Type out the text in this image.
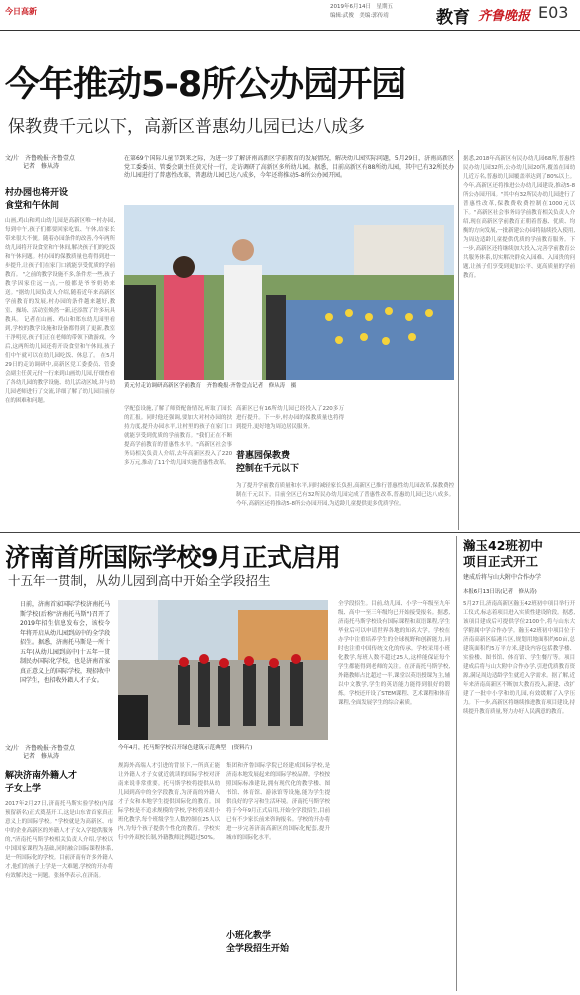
今日高新	2019年6月14日　星期五
编辑:武俊　美编:郭传靖	教育 齐鲁晚报 E03
今年推动5-8所公办园开园
保教费千元以下，高新区普惠幼儿园已达八成多
文/片　齐鲁晚报·齐鲁壹点
　　　记者　修从涛
在第69个国际儿童节到来之际，为进一步了解济南高新区学前教育的发展情况，解决幼儿园实际问题，5月29日，济南高新区党工委委员、管委会副主任黄元付一行，走访调研了高新区多所幼儿园。据悉，目前高新区有88所幼儿园，其中已有32所民办幼儿园进行了普惠性改革，普惠幼儿园已达八成多，今年还将推动5-8所公办园开园。
村办园也将开设
食堂和午休间
山画,鸡山和鸡山幼儿园是高新区唯一村办园,每到中午,孩子们都要回家吃饭、午休,给家长带来很大不便。随着办园条件的改善,今年两所幼儿园将开设食堂和午休间,解决孩子们的吃饭和午休问题。村办园的保教质量也将得到进一步提升,让孩子们在家门口就能享受优质的学前教育。 "之前的教学设施不多,条件差一些,孩子教学因家住远一点,一般都是爷爷奶奶来送。"据幼儿园负责人介绍,随着近年来高新区学前教育的发展,村办园的条件越来越好,教室、操场、活动室焕然一新,还添置了许多玩具教具。 记者在山画、鸡山和郑东幼儿园里看到,学校的教学设施和设备都得到了更新,教室干净明亮,孩子们正在老师的带领下做游戏。今后,这两所幼儿园还将开设食堂和午休间,孩子们中午就可以在幼儿园吃饭、休息了。 在5月29日的走访调研中,高新区党工委委员、管委会副主任黄元付一行来到山画幼儿园,仔细查看了各幼儿园的教学设施、幼儿活动区域,并与幼儿园老师进行了交流,详细了解了幼儿园目前存在的困难和问题。
黄元付走访调研高新区学前教育　齐鲁晚报·齐鲁壹点记者　修从涛　摄
学配套设施,了解了师资配备情况,听取了园长的汇报。同时他还强调,要加大对村办园的扶持力度,提升办园水平,让村里的孩子在家门口就能享受到优质的学前教育。"我们正在不断提高学前教育的普惠性水平。"高新区社会事务局相关负责人介绍,去年高新区投入了220多万元,推动了11个幼儿园实施普惠性改革。
高新区已有16所幼儿园已经投入了220多万进行提升。下一步,村办园的保教质量也将得到提升,更好地为周边居民服务。
普惠园保教费
控制在千元以下
为了提升学前教育质量和水平,同时减轻家长负担,高新区已推行普惠性幼儿园改革,保教费控制在千元以下。目前全区已有32所民办幼儿园完成了普惠性改革,普惠幼儿园已达八成多。今年,高新区还将推动5-8所公办园开园,为适龄儿童提供更多优质学位。
据悉,2018年高新区有民办幼儿园68所,普惠性民办幼儿园32所,公办幼儿园20所,覆盖在园幼儿近万名,普惠幼儿园覆盖率达到了80%以上。今年,高新区还将推进公办幼儿园建设,推动5-8所公办园开园。"其中有32所民办幼儿园进行了普惠性改革,保教费收费控制在1000元以下。"高新区社会事务局学前教育相关负责人介绍,现在高新区学前教育正朝着普惠、优质、均衡的方向发展,一批新建公办园将陆续投入使用,为周边适龄儿童提供优质的学前教育服务。下一步,高新区还将继续加大投入,完善学前教育公共服务体系,切实解决群众入园难、入园贵的问题,让孩子们享受到更加公平、更高质量的学前教育。
济南首所国际学校9月正式启用
十五年一贯制，从幼儿园到高中开始全学段招生
日前，济南首家国际学校济南托马斯学校(后称"济南托马斯")召开了2019年招生信息发布会，该校今年将开启从幼儿园到高中的全学段招生。据悉，济南托马斯是一所十五年(从幼儿园到高中)十五年一贯制民办国际化学校，也是济南首家真正意义上的国际学校，现招收中国学生，也招收外籍人才子女。
今年4月，托马斯学校召开绿色建筑示范典型　(资料片)
全学段招生。目前,幼儿园、小学一年级至九年级、高中一至三年级均已开始接受报名。据悉,济南托马斯学校设有国际课程和双语课程,学生毕业后可以申请世界各地的知名大学。学校在办学中注重培养学生的全球视野和创新能力,同时也注重中国传统文化的传承。学校采用小班化教学,每班人数不超过25人,这样能保证每个学生都能得到老师的关注。在济南托马斯学校,外籍教师占比超过一半,课堂以英语授课为主,辅以中文教学,学生的英语能力能得到很好的锻炼。学校还开设了STEM课程、艺术课程和体育课程,全面发展学生的综合素质。
文/片　齐鲁晚报·齐鲁壹点
　　　记者　修从涛
解决济南外籍人才
子女上学
2017年2月27日,济南托马斯实验学校(内部预留新名)正式奠基开工,这是山东省首家真正意义上的国际学校。"学校就是为高新区、市中的企业高新区的外籍人才子女入学提供服务的,"济南托马斯学校相关负责人介绍,学校以中国国家课程为基础,同时融合国际课程体系,是一所国际化的学校。目前济南有许多外籍人才,他们的孩子上学是一大难题,学校的开办将有效解决这一问题。张扬华表示,在济南。
规海外高端人才引进的背景下,一所真正能让外籍人才子女就近就读的国际学校对济南来说非常重要。托马斯学校将提供从幼儿园到高中的全学段教育,为济南的外籍人才子女和本地学生提供国际化的教育。国际学校是不追求规模的学校,学校将采用小班化教学,每个班级学生人数控制在25人以内,为每个孩子提供个性化的教育。学校实行中外双校长制,外籍教师比例超过50%。
集团和齐鲁国际学院已经建成国际学校,是济南本地发展起来的国际学校品牌。学校按照国际标准建设,拥有现代化的教学楼、图书馆、体育馆、游泳馆等设施,能为学生提供良好的学习和生活环境。济南托马斯学校将于今年9月正式启用,开始全学段招生,目前已有不少家长前来咨询报名。学校的开办将进一步完善济南高新区的国际化配套,提升城市的国际化水平。
小班化教学
全学段招生开始
瀚玉42班初中
项目正式开工
建成后将与山大附中合作办学
本报6月13日讯(记者　修从涛)
5月27日,济南高新区瀚玉42班初中项目举行开工仪式,标志着项目进入实质性建设阶段。据悉,该项目建成后可提供学位2100个,将与山东大学附属中学合作办学。瀚玉42班初中项目位于济南高新区临港片区,规划用地面积约60亩,总建筑面积约5万平方米,建设内容包括教学楼、实验楼、图书馆、体育馆、学生餐厅等。项目建成后将与山大附中合作办学,引进优质教育资源,满足周边适龄学生就近入学需求。据了解,近年来济南高新区不断加大教育投入,新建、改扩建了一批中小学和幼儿园,有效缓解了入学压力。下一步,高新区将继续推进教育项目建设,持续提升教育质量,努力办好人民满意的教育。
